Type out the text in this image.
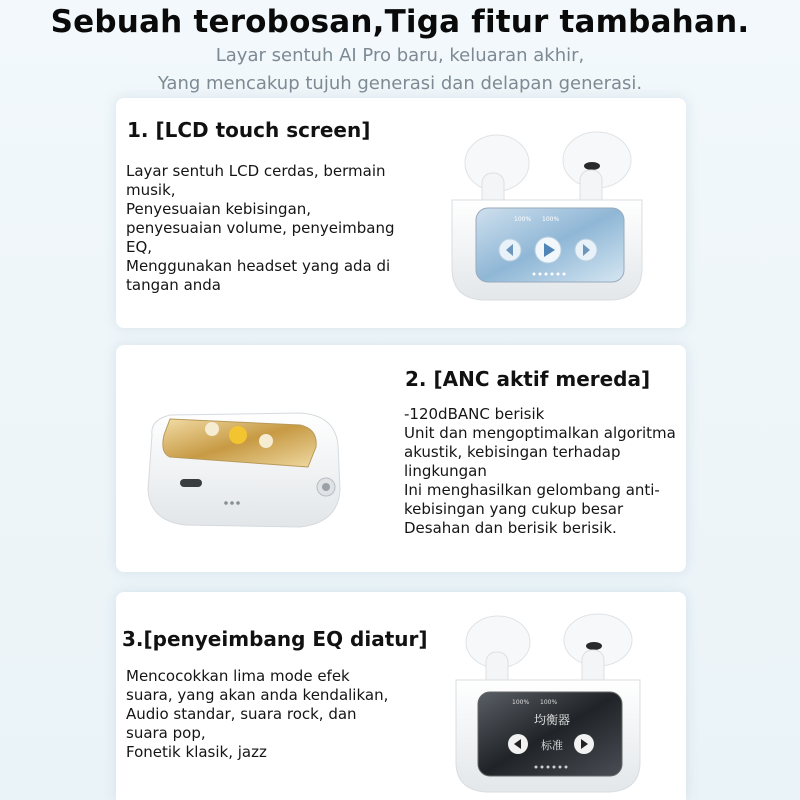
Sebuah terobosan,Tiga fitur tambahan.
Layar sentuh AI Pro baru, keluaran akhir,
Yang mencakup tujuh generasi dan delapan generasi.
1. [LCD touch screen]
Layar sentuh LCD cerdas, bermain
musik,
Penyesuaian kebisingan,
penyesuaian volume, penyeimbang
EQ,
Menggunakan headset yang ada di
tangan anda
100% 100%
2. [ANC aktif mereda]
-120dBANC berisik
Unit dan mengoptimalkan algoritma
akustik, kebisingan terhadap
lingkungan
Ini menghasilkan gelombang anti-
kebisingan yang cukup besar
Desahan dan berisik berisik.
3.[penyeimbang EQ diatur]
Mencocokkan lima mode efek
suara, yang akan anda kendalikan,
Audio standar, suara rock, dan
suara pop,
Fonetik klasik, jazz
100% 100%
均衡器
标准
